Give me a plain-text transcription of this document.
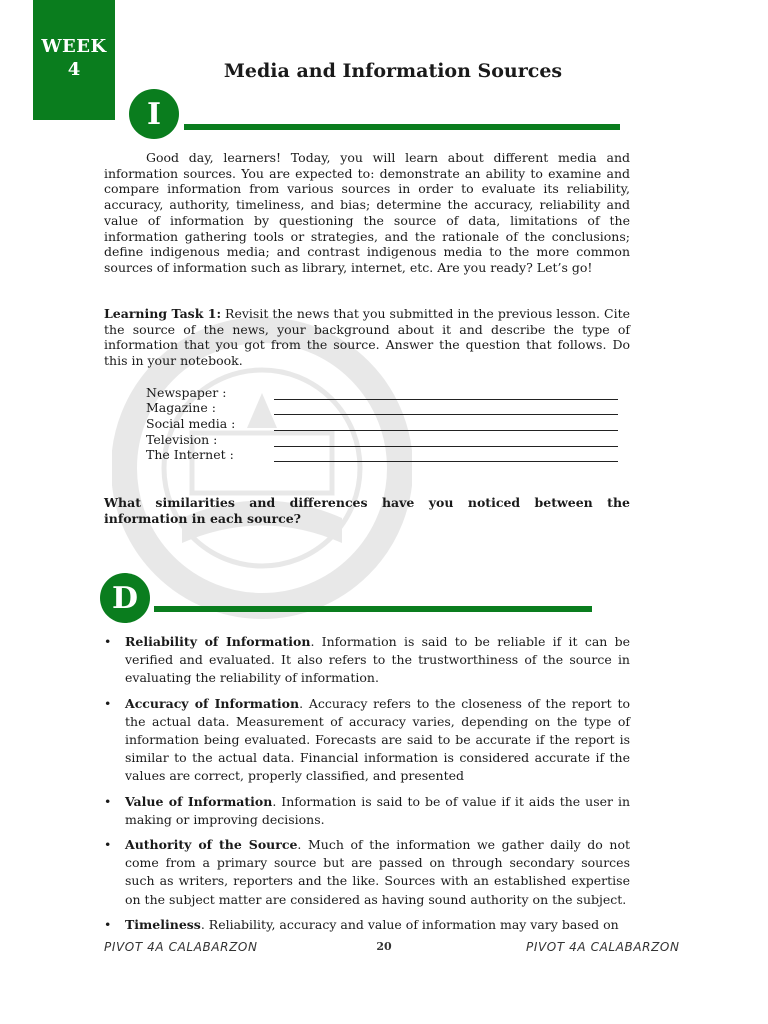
WEEK
4	Media and Information Sources
I

Good day, learners! Today, you will learn about different media and information sources. You are expected to: demonstrate an ability to examine and compare information from various sources in order to evaluate its reliability, accuracy, authority, timeliness, and bias; determine the accuracy, reliability and value of information by questioning the source of data, limitations of the information gathering tools or strategies, and the rationale of the conclusions; define indigenous media; and contrast indigenous media to the more common sources of information such as library, internet, etc. Are you ready? Let’s go!

Learning Task 1: Revisit the news that you submitted in the previous lesson. Cite the source of the news, your background about it and describe the type of information that you got from the source. Answer the question that follows. Do this in your notebook.

Newspaper :
Magazine :
Social media :
Television :
The Internet :

What similarities and differences have you noticed between the information in each source?

D
• Reliability of Information. Information is said to be reliable if it can be verified and evaluated. It also refers to the trustworthiness of the source in evaluating the reliability of information.
• Accuracy of Information. Accuracy refers to the closeness of the report to the actual data. Measurement of accuracy varies, depending on the type of information being evaluated. Forecasts are said to be accurate if the report is similar to the actual data. Financial information is considered accurate if the values are correct, properly classified, and presented
• Value of Information. Information is said to be of value if it aids the user in making or improving decisions.
• Authority of the Source. Much of the information we gather daily do not come from a primary source but are passed on through secondary sources such as writers, reporters and the like. Sources with an established expertise on the subject matter are considered as having sound authority on the subject.
• Timeliness. Reliability, accuracy and value of information may vary based on
PIVOT 4A CALABARZON	20	PIVOT 4A CALABARZON
